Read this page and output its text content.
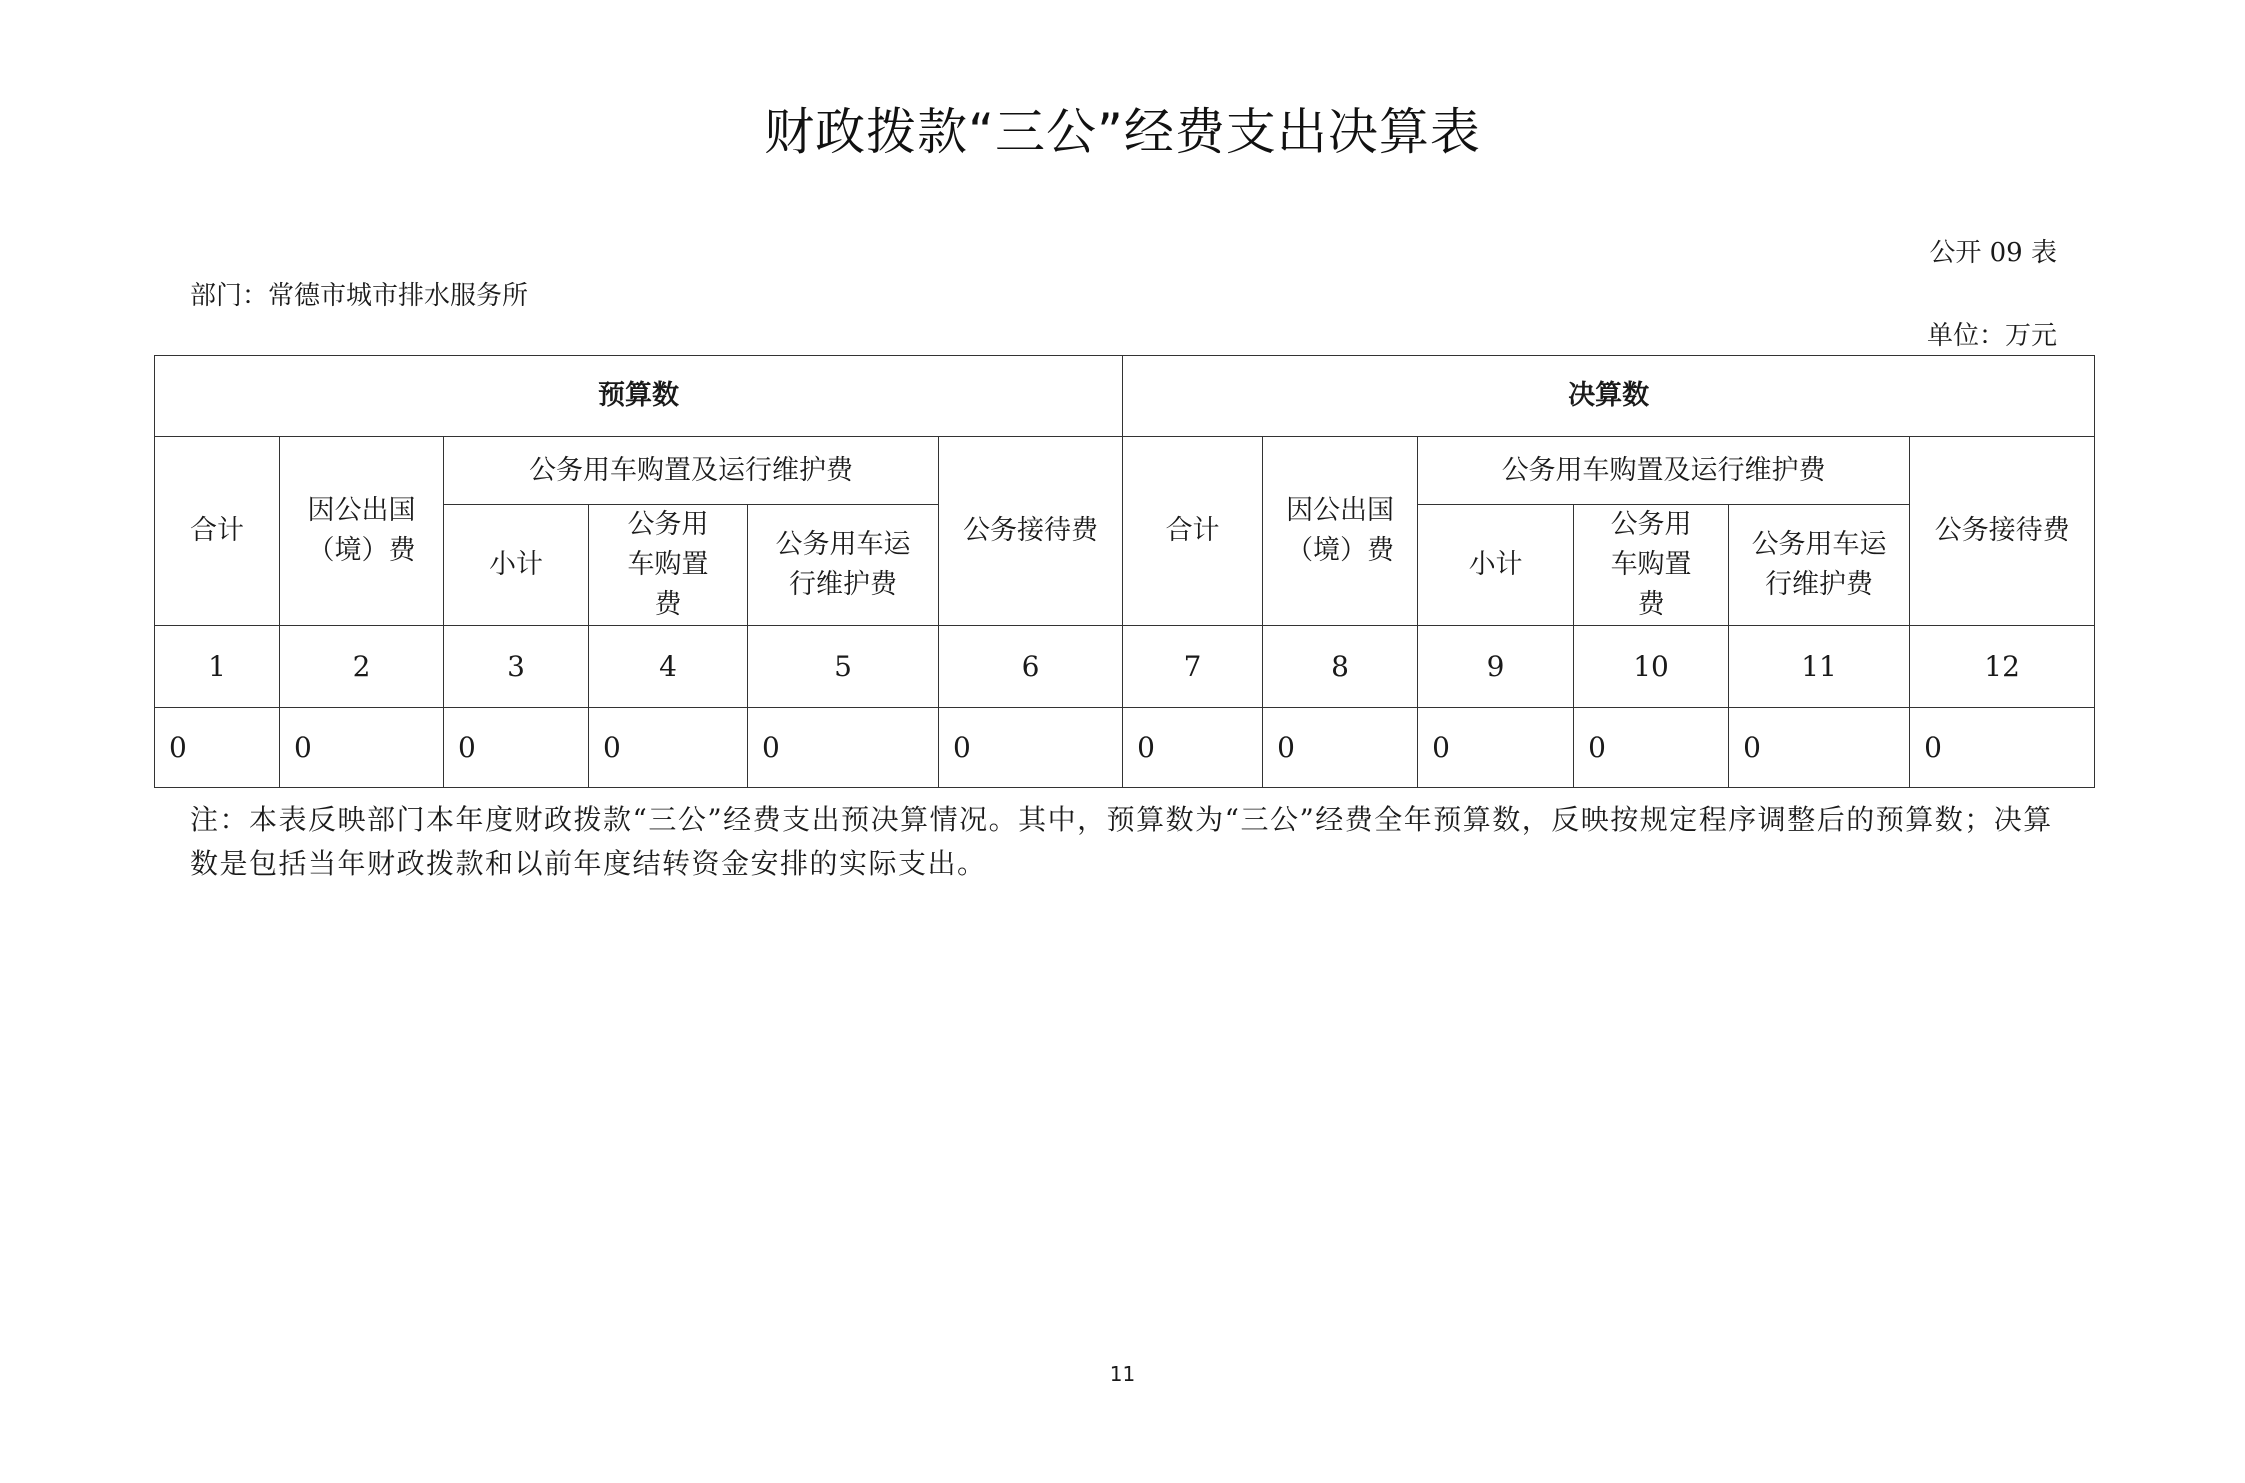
财政拨款“三公”经费支出决算表
公开 09 表
部门：常德市城市排水服务所
单位：万元
预算数						决算数					
合计	因公出国（境）费	公务用车购置及运行维护费			公务接待费	合计	因公出国（境）费	公务用车购置及运行维护费			公务接待费
		小计	公务用车购置费	公务用车运行维护费				小计	公务用车购置费	公务用车运行维护费	
1	2	3	4	5	6	7	8	9	10	11	12
0	0	0	0	0	0	0	0	0	0	0	0
注：本表反映部门本年度财政拨款“三公”经费支出预决算情况。其中，预算数为“三公”经费全年预算数，反映按规定程序调整后的预算数；决算数是包括当年财政拨款和以前年度结转资金安排的实际支出。
11
